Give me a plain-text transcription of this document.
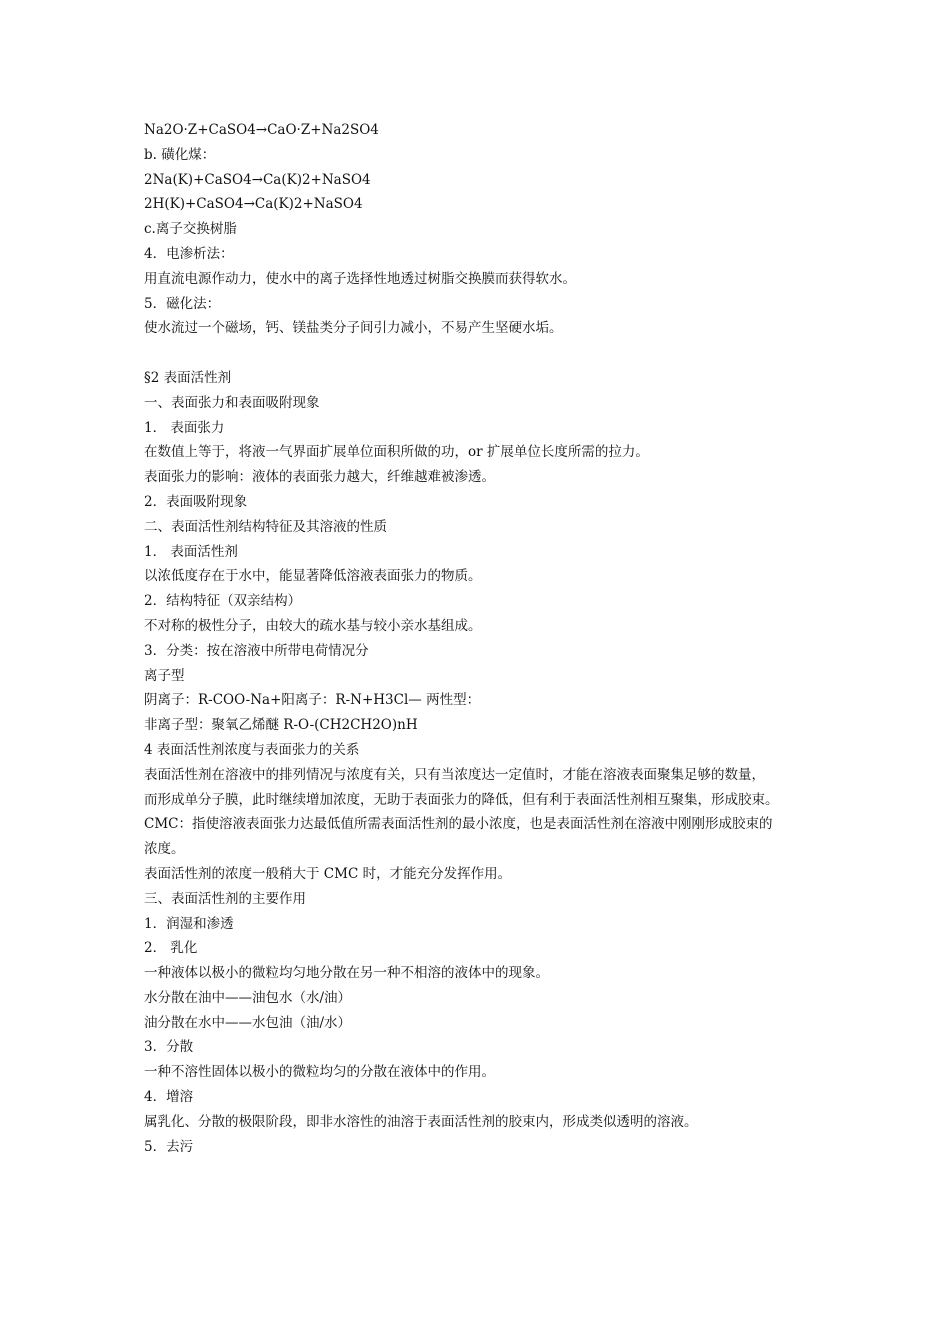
Na2O·Z+CaSO4→CaO·Z+Na2SO4
b. 磺化煤：
2Na(K)+CaSO4→Ca(K)2+NaSO4
2H(K)+CaSO4→Ca(K)2+NaSO4
c.离子交换树脂
4．电渗析法：
用直流电源作动力，使水中的离子选择性地透过树脂交换膜而获得软水。
5．磁化法：
使水流过一个磁场，钙、镁盐类分子间引力减小，不易产生坚硬水垢。
§2 表面活性剂
一、表面张力和表面吸附现象
1． 表面张力
在数值上等于，将液一气界面扩展单位面积所做的功，or 扩展单位长度所需的拉力。
表面张力的影响：液体的表面张力越大，纤维越难被渗透。
2．表面吸附现象
二、表面活性剂结构特征及其溶液的性质
1． 表面活性剂
以浓低度存在于水中，能显著降低溶液表面张力的物质。
2．结构特征（双亲结构）
不对称的极性分子，由较大的疏水基与较小亲水基组成。
3．分类：按在溶液中所带电荷情况分
离子型
阴离子：R-COO-Na+阳离子：R-N+H3Cl— 两性型：
非离子型：聚氧乙烯醚 R-O-(CH2CH2O)nH
4 表面活性剂浓度与表面张力的关系
表面活性剂在溶液中的排列情况与浓度有关，只有当浓度达一定值时，才能在溶液表面聚集足够的数量，
而形成单分子膜，此时继续增加浓度，无助于表面张力的降低，但有利于表面活性剂相互聚集，形成胶束。
CMC：指使溶液表面张力达最低值所需表面活性剂的最小浓度，也是表面活性剂在溶液中刚刚形成胶束的
浓度。
表面活性剂的浓度一般稍大于 CMC 时，才能充分发挥作用。
三、表面活性剂的主要作用
1．润湿和渗透
2． 乳化
一种液体以极小的微粒均匀地分散在另一种不相溶的液体中的现象。
水分散在油中——油包水（水/油）
油分散在水中——水包油（油/水）
3．分散
一种不溶性固体以极小的微粒均匀的分散在液体中的作用。
4．增溶
属乳化、分散的极限阶段，即非水溶性的油溶于表面活性剂的胶束内，形成类似透明的溶液。
5．去污
